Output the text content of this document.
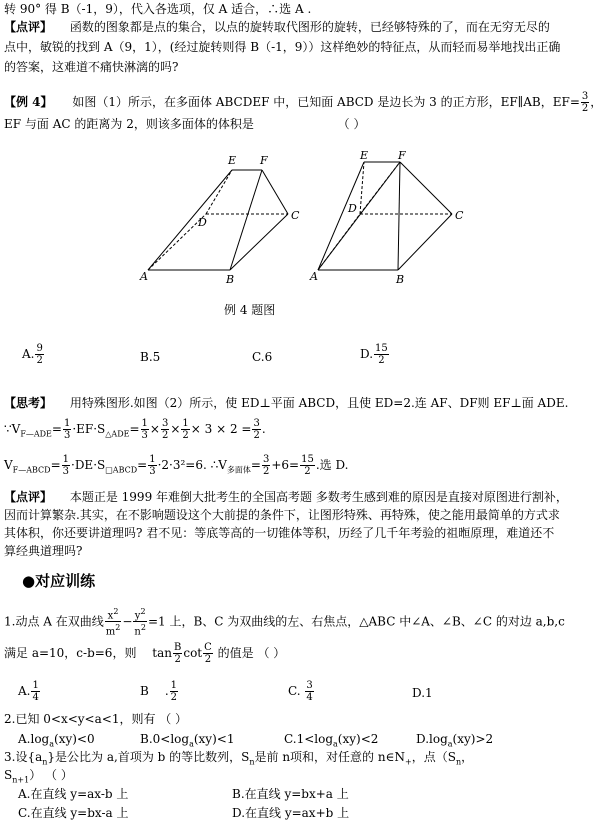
转 90° 得 B（-1，9），代入各选项，仅 A 适合，∴选 A .
【点评】 函数的图象都是点的集合，以点的旋转取代图形的旋转，已经够特殊的了，而在无穷无尽的
点中，敏锐的找到 A（9，1），(经过旋转则得 B（-1，9））这样绝妙的特征点，从而轻而易举地找出正确
的答案，这难道不痛快淋漓的吗?
【例 4】 如图（1）所示，在多面体 ABCDEF 中，已知面 ABCD 是边长为 3 的正方形，EF∥AB，$EF= \frac{3}{2}$ ，
EF 与面 AC 的距离为 2，则该多面体的体积是	（ ）
A	B
C
D
E F
A	B
C
D
E	F
例 4 题图
A. $\frac{9}{2}$	B.5	C.6	D. $\frac{15}{2}$
【思考】 用特殊图形.如图（2）所示，使 ED⊥平面 ABCD，且使 ED=2.连 AF、DF则 EF⊥面 ADE.
$\because V_{F—ADE}= \frac{1}{3} \cdot EF\cdot S_{\triangle ADE}= \frac{1}{3} \times \frac{3}{2} \times \frac{1}{2} \times 3 \times 2 = \frac{3}{2}$ .
$V_{F—ABCD}= \frac{1}{3} \cdot DE\cdot S_{□ABCD}= \frac{1}{3} \cdot 2\cdot 3^2=6$. $\therefore V_{多面体}= \frac{3}{2} +6= \frac{15}{2}$ .选 D.
【点评】 本题正是 1999 年难倒大批考生的全国高考题 多数考生感到难的原因是直接对原图进行割补，
因而计算繁杂.其实，在不影响题设这个大前提的条件下，让图形特殊、再特殊，使之能用最简单的方式求
其体积，你还要讲道理吗? 君不见：等底等高的一切锥体等积，历经了几千年考验的祖暅原理，难道还不
算经典道理吗?
●对应训练
1.动点 A 在双曲线 $\frac{x^2}{m^2} - \frac{y^2}{n^2} =1$ 上，B、C 为双曲线的左、右焦点，△ABC 中∠A、∠B、∠C 的对边 a,b,c
满足 a=10，c-b=6，则 $\tan \frac{B}{2}$ $\cot \frac{C}{2}$ 的值是 （ ）
A. $\frac{1}{4}$	B . $\frac{1}{2}$	C. $\frac{3}{4}$	D.1
2.已知 0<x<y<a<1，则有 （ ）
$A.\log_a(xy)<0$	$B.0<\log_a(xy)<1$	$C.1<\log_a(xy)<2$	$D.\log_a(xy)>2$
3.设$\{a_n\}$是公比为 a,首项为 b 的等比数列，$S_n$是前 n项和，对任意的 $n\in N_+$，点（$S_n$，
$S_{n+1}$） （ ）
A.在直线 y=ax-b 上	B.在直线 y=bx+a 上
C.在直线 y=bx-a 上	D.在直线 y=ax+b 上
